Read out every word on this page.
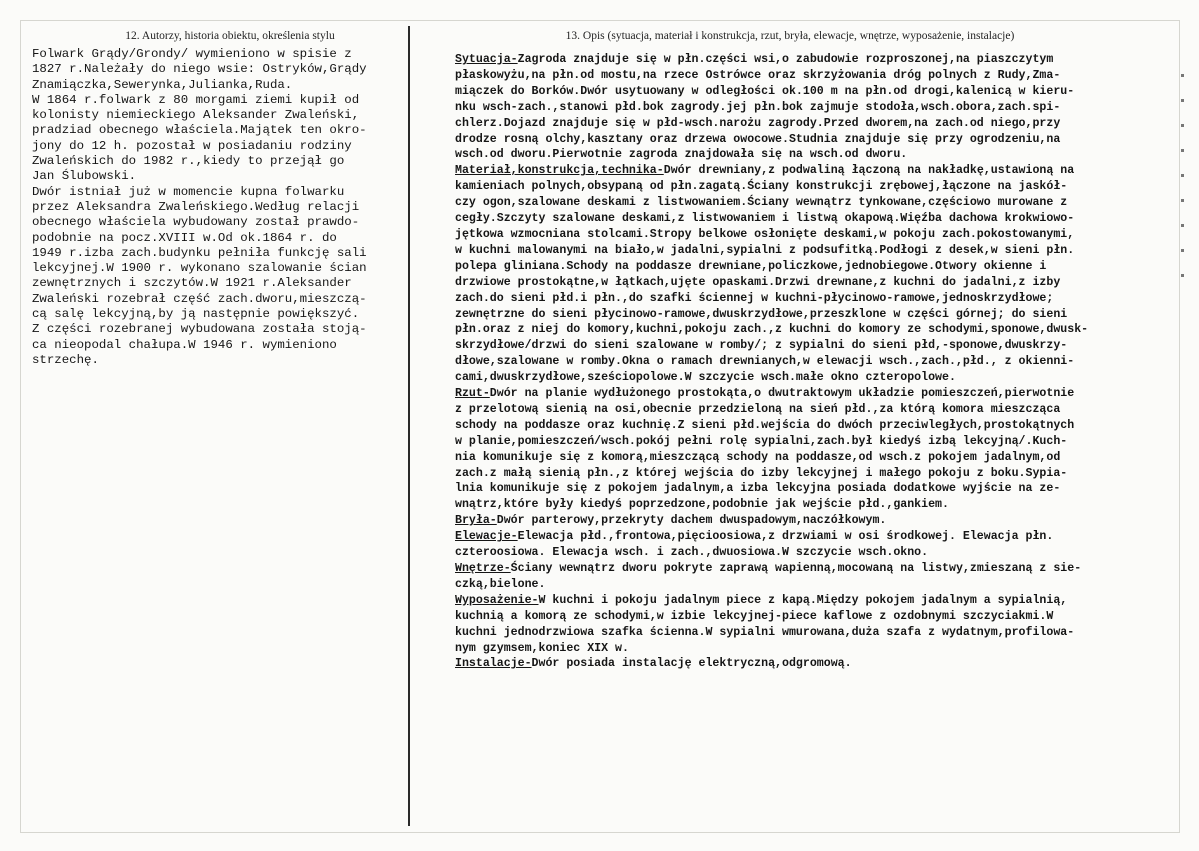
12. Autorzy, historia obiektu, określenia stylu	13. Opis (sytuacja, materiał i konstrukcja, rzut, bryła, elewacje, wnętrze, wyposażenie, instalacje)
Folwark Grądy/Grondy/ wymieniono w spisie z
1827 r.Należały do niego wsie: Ostryków,Grądy
Znamiączka,Sewerynka,Julianka,Ruda.
W 1864 r.folwark z 80 morgami ziemi kupił od
kolonisty niemieckiego Aleksander Zwaleński,
pradziad obecnego właściela.Majątek ten okro-
jony do 12 h. pozostał w posiadaniu rodziny
Zwaleńskich do 1982 r.,kiedy to przejął go
Jan Ślubowski.
Dwór istniał już w momencie kupna folwarku
przez Aleksandra Zwaleńskiego.Według relacji
obecnego właściela wybudowany został prawdo-
podobnie na pocz.XVIII w.Od ok.1864 r. do
1949 r.izba zach.budynku pełniła funkcję sali
lekcyjnej.W 1900 r. wykonano szalowanie ścian
zewnętrznych i szczytów.W 1921 r.Aleksander
Zwaleński rozebrał część zach.dworu,mieszczą-
cą salę lekcyjną,by ją następnie powiększyć.
Z części rozebranej wybudowana została stoją-
ca nieopodal chałupa.W 1946 r. wymieniono
strzechę.
Sytuacja-Zagroda znajduje się w płn.części wsi,o zabudowie rozproszonej,na piaszczytym
płaskowyżu,na płn.od mostu,na rzece Ostrówce oraz skrzyżowania dróg polnych z Rudy,Zma-
miączek do Borków.Dwór usytuowany w odległości ok.100 m na płn.od drogi,kalenicą w kieru-
nku wsch-zach.,stanowi płd.bok zagrody.jej płn.bok zajmuje stodoła,wsch.obora,zach.spi-
chlerz.Dojazd znajduje się w płd-wsch.narożu zagrody.Przed dworem,na zach.od niego,przy
drodze rosną olchy,kasztany oraz drzewa owocowe.Studnia znajduje się przy ogrodzeniu,na
wsch.od dworu.Pierwotnie zagroda znajdowała się na wsch.od dworu.
Materiał,konstrukcja,technika-Dwór drewniany,z podwaliną łączoną na nakładkę,ustawioną na
kamieniach polnych,obsypaną od płn.zagatą.Ściany konstrukcji zrębowej,łączone na jaskół-
czy ogon,szalowane deskami z listwowaniem.Ściany wewnątrz tynkowane,częściowo murowane z
cegły.Szczyty szalowane deskami,z listwowaniem i listwą okapową.Więźba dachowa krokwiowo-
jętkowa wzmocniana stolcami.Stropy belkowe osłonięte deskami,w pokoju zach.pokostowanymi,
w kuchni malowanymi na biało,w jadalni,sypialni z podsufitką.Podłogi z desek,w sieni płn.
polepa gliniana.Schody na poddasze drewniane,policzkowe,jednobiegowe.Otwory okienne i
drzwiowe prostokątne,w łątkach,ujęte opaskami.Drzwi drewnane,z kuchni do jadalni,z izby
zach.do sieni płd.i płn.,do szafki ściennej w kuchni-płycinowo-ramowe,jednoskrzydłowe;
zewnętrzne do sieni płycinowo-ramowe,dwuskrzydłowe,przeszklone w części górnej; do sieni
płn.oraz z niej do komory,kuchni,pokoju zach.,z kuchni do komory ze schodymi,sponowe,dwusk-
skrzydłowe/drzwi do sieni szalowane w romby/; z sypialni do sieni płd,-sponowe,dwuskrzy-
dłowe,szalowane w romby.Okna o ramach drewnianych,w elewacji wsch.,zach.,płd., z okienni-
cami,dwuskrzydłowe,sześciopolowe.W szczycie wsch.małe okno czteropolowe.
Rzut-Dwór na planie wydłużonego prostokąta,o dwutraktowym układzie pomieszczeń,pierwotnie
z przelotową sienią na osi,obecnie przedzieloną na sień płd.,za którą komora mieszcząca
schody na poddasze oraz kuchnię.Z sieni płd.wejścia do dwóch przeciwległych,prostokątnych
w planie,pomieszczeń/wsch.pokój pełni rolę sypialni,zach.był kiedyś izbą lekcyjną/.Kuch-
nia komunikuje się z komorą,mieszczącą schody na poddasze,od wsch.z pokojem jadalnym,od
zach.z małą sienią płn.,z której wejścia do izby lekcyjnej i małego pokoju z boku.Sypia-
lnia komunikuje się z pokojem jadalnym,a izba lekcyjna posiada dodatkowe wyjście na ze-
wnątrz,które były kiedyś poprzedzone,podobnie jak wejście płd.,gankiem.
Bryła-Dwór parterowy,przekryty dachem dwuspadowym,naczółkowym.
Elewacje-Elewacja płd.,frontowa,pięcioosiowa,z drzwiami w osi środkowej. Elewacja płn.
czteroosiowa. Elewacja wsch. i zach.,dwuosiowa.W szczycie wsch.okno.
Wnętrze-Ściany wewnątrz dworu pokryte zaprawą wapienną,mocowaną na listwy,zmieszaną z sie-
czką,bielone.
Wyposażenie-W kuchni i pokoju jadalnym piece z kapą.Między pokojem jadalnym a sypialnią,
kuchnią a komorą ze schodymi,w izbie lekcyjnej-piece kaflowe z ozdobnymi szczyciakmi.W
kuchni jednodrzwiowa szafka ścienna.W sypialni wmurowana,duża szafa z wydatnym,profilowa-
nym gzymsem,koniec XIX w.
Instalacje-Dwór posiada instalację elektryczną,odgromową.
